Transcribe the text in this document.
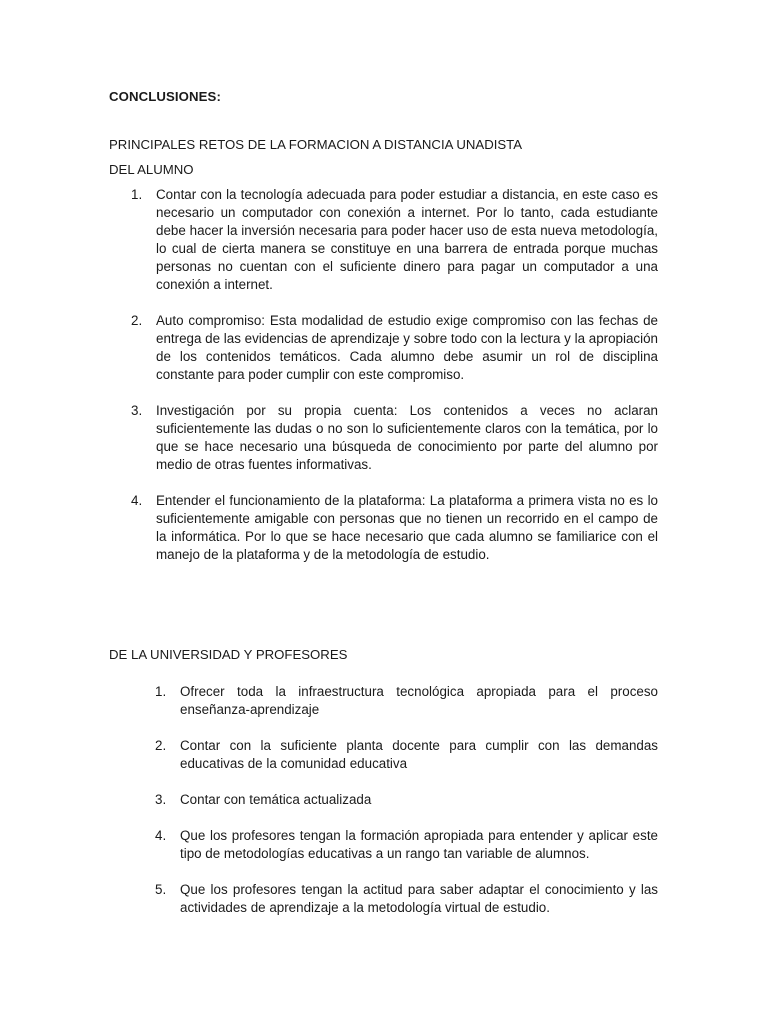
CONCLUSIONES:

PRINCIPALES RETOS DE LA FORMACION A DISTANCIA UNADISTA

DEL ALUMNO

1. Contar con la tecnología adecuada para poder estudiar a distancia, en este caso es necesario un computador con conexión a internet. Por lo tanto, cada estudiante debe hacer la inversión necesaria para poder hacer uso de esta nueva metodología, lo cual de cierta manera se constituye en una barrera de entrada porque muchas personas no cuentan con el suficiente dinero para pagar un computador a una conexión a internet.
2. Auto compromiso: Esta modalidad de estudio exige compromiso con las fechas de entrega de las evidencias de aprendizaje y sobre todo con la lectura y la apropiación de los contenidos temáticos. Cada alumno debe asumir un rol de disciplina constante para poder cumplir con este compromiso.
3. Investigación por su propia cuenta: Los contenidos a veces no aclaran suficientemente las dudas o no son lo suficientemente claros con la temática, por lo que se hace necesario una búsqueda de conocimiento por parte del alumno por medio de otras fuentes informativas.
4. Entender el funcionamiento de la plataforma: La plataforma a primera vista no es lo suficientemente amigable con personas que no tienen un recorrido en el campo de la informática. Por lo que se hace necesario que cada alumno se familiarice con el manejo de la plataforma y de la metodología de estudio.

DE LA UNIVERSIDAD Y PROFESORES

1. Ofrecer toda la infraestructura tecnológica apropiada para el proceso enseñanza-aprendizaje
2. Contar con la suficiente planta docente para cumplir con las demandas educativas de la comunidad educativa
3. Contar con temática actualizada
4. Que los profesores tengan la formación apropiada para entender y aplicar este tipo de metodologías educativas a un rango tan variable de alumnos.
5. Que los profesores tengan la actitud para saber adaptar el conocimiento y las actividades de aprendizaje a la metodología virtual de estudio.
